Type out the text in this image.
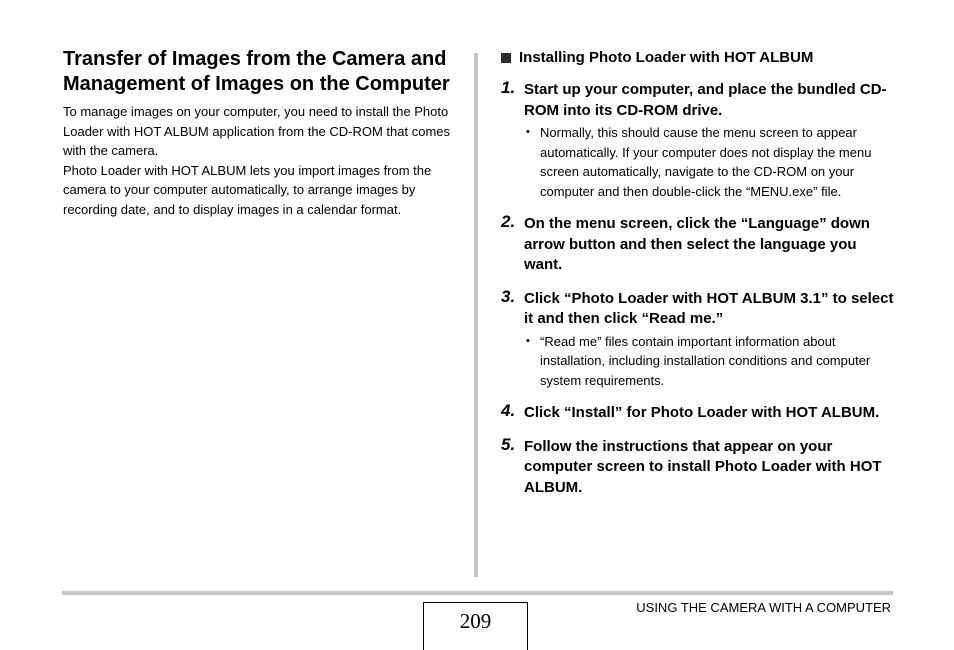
Transfer of Images from the Camera and Management of Images on the Computer

To manage images on your computer, you need to install the Photo Loader with HOT ALBUM application from the CD-ROM that comes with the camera.

Photo Loader with HOT ALBUM lets you import images from the camera to your computer automatically, to arrange images by recording date, and to display images in a calendar format.

Installing Photo Loader with HOT ALBUM
1. Start up your computer, and place the bundled CD-ROM into its CD-ROM drive.

• Normally, this should cause the menu screen to appear automatically. If your computer does not display the menu screen automatically, navigate to the CD-ROM on your computer and then double-click the “MENU.exe” file.

2. On the menu screen, click the “Language” down arrow button and then select the language you want.

3. Click “Photo Loader with HOT ALBUM 3.1” to select it and then click “Read me.”

• “Read me” files contain important information about installation, including installation conditions and computer system requirements.

4. Click “Install” for Photo Loader with HOT ALBUM.

5. Follow the instructions that appear on your computer screen to install Photo Loader with HOT ALBUM.

209
USING THE CAMERA WITH A COMPUTER
